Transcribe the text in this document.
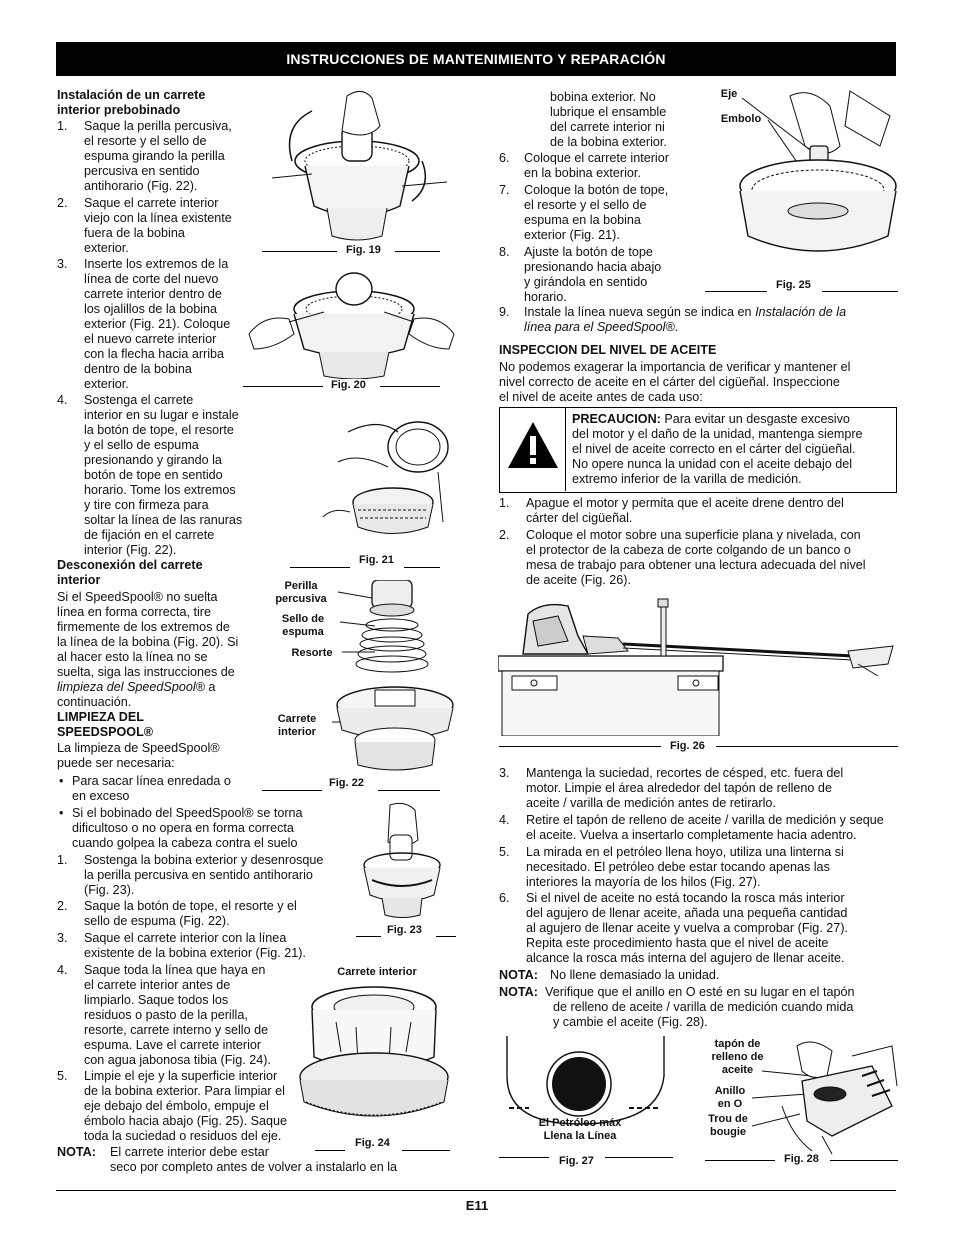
INSTRUCCIONES DE MANTENIMIENTO Y REPARACIÓN
Instalación de un carrete
interior prebobinado
1. Saque la perilla percusiva,
el resorte y el sello de
espuma girando la perilla
percusiva en sentido
antihorario (Fig. 22).
2. Saque el carrete interior
viejo con la línea existente
fuera de la bobina
exterior.
3. Inserte los extremos de la
línea de corte del nuevo
carrete interior dentro de
los ojalillos de la bobina
exterior (Fig. 21). Coloque
el nuevo carrete interior
con la flecha hacia arriba
dentro de la bobina
exterior.
4. Sostenga el carrete
interior en su lugar e instale
la botón de tope, el resorte
y el sello de espuma
presionando y girando la
botón de tope en sentido
horario. Tome los extremos
y tire con firmeza para
soltar la línea de las ranuras
de fijación en el carrete
interior (Fig. 22).
Desconexión del carrete
interior
Si el SpeedSpool® no suelta
línea en forma correcta, tire
firmemente de los extremos de
la línea de la bobina (Fig. 20). Si
al hacer esto la línea no se
suelta, siga las instrucciones de
limpieza del SpeedSpool® a
continuación.
LIMPIEZA DEL
SPEEDSPOOL®
La limpieza de SpeedSpool®
puede ser necesaria:
• Para sacar línea enredada o
en exceso
• Si el bobinado del SpeedSpool® se torna
dificultoso o no opera en forma correcta
cuando golpea la cabeza contra el suelo
1. Sostenga la bobina exterior y desenrosque
la perilla percusiva en sentido antihorario
(Fig. 23).
2. Saque la botón de tope, el resorte y el
sello de espuma (Fig. 22).
3. Saque el carrete interior con la línea
existente de la bobina exterior (Fig. 21).
4. Saque toda la línea que haya en
el carrete interior antes de
limpiarlo. Saque todos los
residuos o pasto de la perilla,
resorte, carrete interno y sello de
espuma. Lave el carrete interior
con agua jabonosa tibia (Fig. 24).
5. Limpie el eje y la superficie interior
de la bobina exterior. Para limpiar el
eje debajo del émbolo, empuje el
émbolo hacia abajo (Fig. 25). Saque
toda la suciedad o residuos del eje.
NOTA: El carrete interior debe estar
seco por completo antes de volver a instalarlo en la
Fig. 19
Fig. 20
Fig. 21
Perilla
percusiva
Sello de
espuma
Resorte
Carrete
interior
Fig. 22
Fig. 23
Carrete interior
Fig. 24
bobina exterior. No
lubrique el ensamble
del carrete interior ni
de la bobina exterior.
6. Coloque el carrete interior
en la bobina exterior.
7. Coloque la botón de tope,
el resorte y el sello de
espuma en la bobina
exterior (Fig. 21).
8. Ajuste la botón de tope
presionando hacia abajo
y girándola en sentido
horario.
Eje
Embolo
Fig. 25
9. Instale la línea nueva según se indica en Instalación de la
línea para el SpeedSpool®.
INSPECCION DEL NIVEL DE ACEITE
No podemos exagerar la importancia de verificar y mantener el
nivel correcto de aceite en el cárter del cigüeñal. Inspeccione
el nivel de aceite antes de cada uso:
PRECAUCION: Para evitar un desgaste excesivo
del motor y el daño de la unidad, mantenga siempre
el nivel de aceite correcto en el cárter del cigüeñal.
No opere nunca la unidad con el aceite debajo del
extremo inferior de la varilla de medición.
1. Apague el motor y permita que el aceite drene dentro del
cárter del cigüeñal.
2. Coloque el motor sobre una superficie plana y nivelada, con
el protector de la cabeza de corte colgando de un banco o
mesa de trabajo para obtener una lectura adecuada del nivel
de aceite (Fig. 26).
Fig. 26
3. Mantenga la suciedad, recortes de césped, etc. fuera del
motor. Limpie el área alrededor del tapón de relleno de
aceite / varilla de medición antes de retirarlo.
4. Retire el tapón de relleno de aceite / varilla de medición y seque
el aceite. Vuelva a insertarlo completamente hacia adentro.
5. La mirada en el petróleo llena hoyo, utiliza una linterna si
necesitado. El petróleo debe estar tocando apenas las
interiores la mayoría de los hilos (Fig. 27).
6. Si el nivel de aceite no está tocando la rosca más interior
del agujero de llenar aceite, añada una pequeña cantidad
al agujero de llenar aceite y vuelva a comprobar (Fig. 27).
Repita este procedimiento hasta que el nivel de aceite
alcance la rosca más interna del agujero de llenar aceite.
NOTA: No llene demasiado la unidad.
NOTA: Verifique que el anillo en O esté en su lugar en el tapón
de relleno de aceite / varilla de medición cuando mida
y cambie el aceite (Fig. 28).
El Petróleo máx
Llena la Línea
Fig. 27
tapón de
relleno de
aceite
Anillo
en O
Trou de
bougie
Fig. 28
E11
